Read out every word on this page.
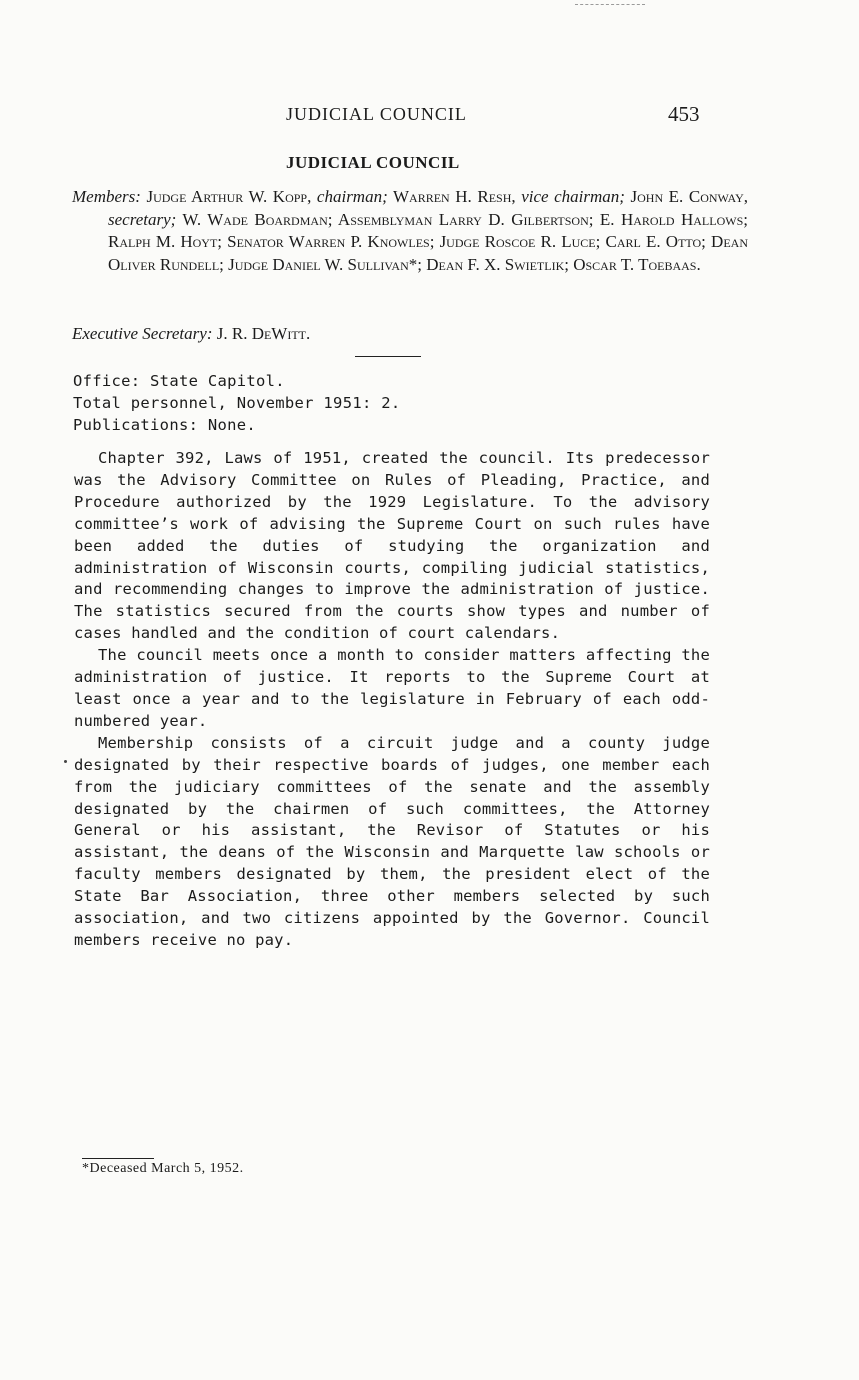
JUDICIAL COUNCIL	453
JUDICIAL COUNCIL
Members: Judge Arthur W. Kopp, chairman; Warren H. Resh, vice chairman; John E. Conway, secretary; W. Wade Boardman; Assemblyman Larry D. Gilbertson; E. Harold Hallows; Ralph M. Hoyt; Senator Warren P. Knowles; Judge Roscoe R. Luce; Carl E. Otto; Dean Oliver Rundell; Judge Daniel W. Sullivan*; Dean F. X. Swietlik; Oscar T. Toebaas.
Executive Secretary: J. R. DeWitt.
Office: State Capitol.
Total personnel, November 1951: 2.
Publications: None.

Chapter 392, Laws of 1951, created the council. Its predecessor was the Advisory Committee on Rules of Pleading, Practice, and Procedure authorized by the 1929 Legislature. To the advisory committee’s work of advising the Supreme Court on such rules have been added the duties of studying the organization and administration of Wisconsin courts, compiling judicial statistics, and recommending changes to improve the administration of justice. The statistics secured from the courts show types and number of cases handled and the condition of court calendars.

The council meets once a month to consider matters affecting the administration of justice. It reports to the Supreme Court at least once a year and to the legislature in February of each odd-numbered year.

Membership consists of a circuit judge and a county judge designated by their respective boards of judges, one member each from the judiciary committees of the senate and the assembly designated by the chairmen of such committees, the Attorney General or his assistant, the Revisor of Statutes or his assistant, the deans of the Wisconsin and Marquette law schools or faculty members designated by them, the president elect of the State Bar Association, three other members selected by such association, and two citizens appointed by the Governor. Council members receive no pay.

*Deceased March 5, 1952.
